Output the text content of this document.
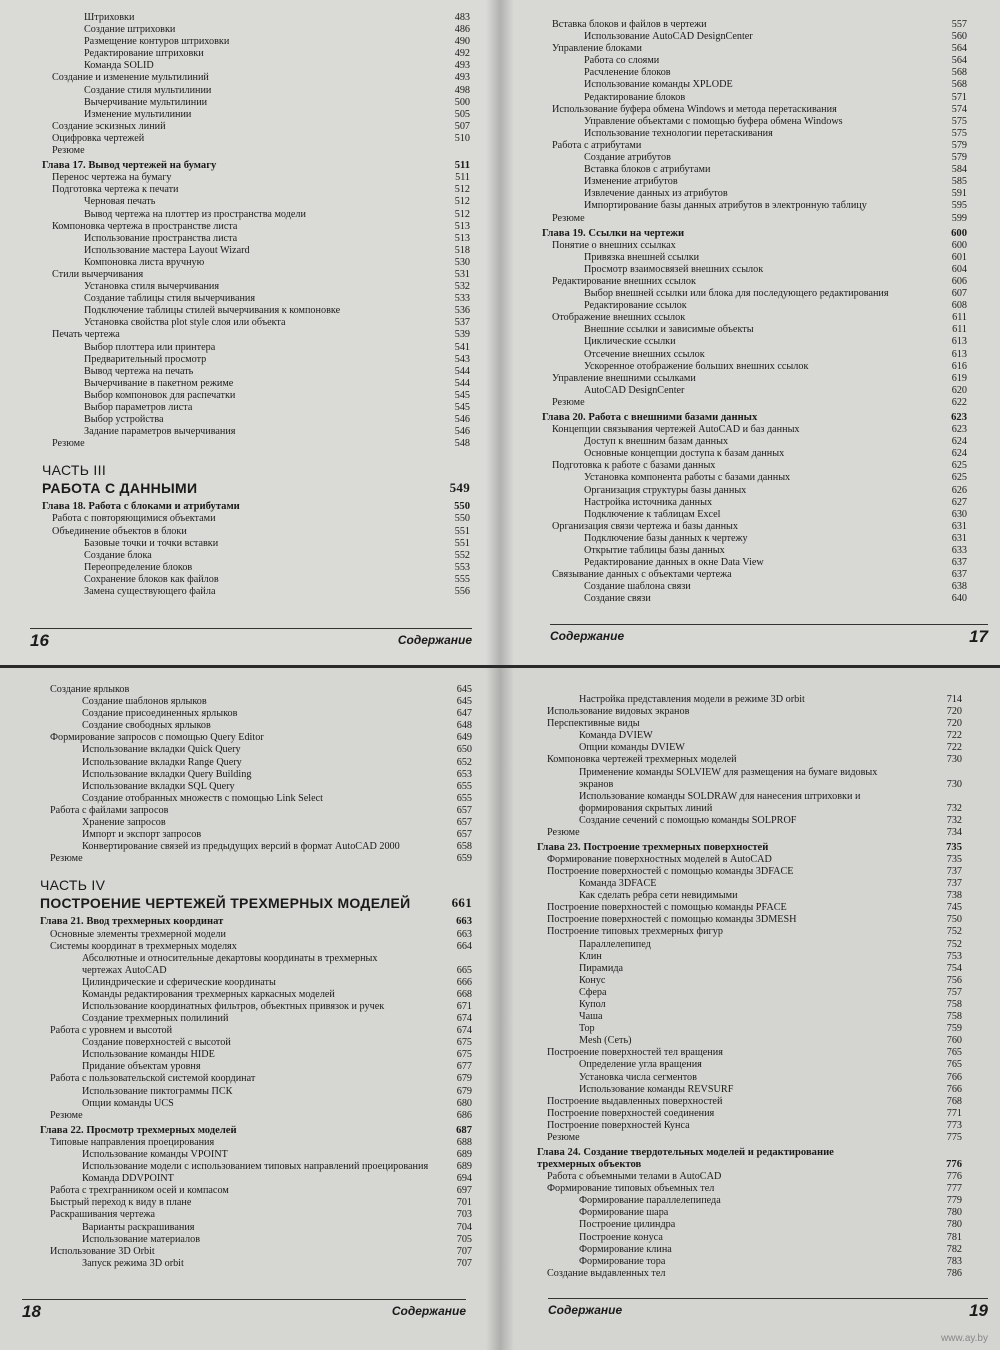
Штриховки	483
Создание штриховки	486
Размещение контуров штриховки	490
Редактирование штриховки	492
Команда SOLID	493
Создание и изменение мультилиний	493
Создание стиля мультилинии	498
Вычерчивание мультилинии	500
Изменение мультилинии	505
Создание эскизных линий	507
Оцифровка чертежей	510
Резюме
Глава 17. Вывод чертежей на бумагу	511
Перенос чертежа на бумагу	511
Подготовка чертежа к печати	512
Черновая печать	512
Вывод чертежа на плоттер из пространства модели	512
Компоновка чертежа в пространстве листа	513
Использование пространства листа	513
Использование мастера Layout Wizard	518
Компоновка листа вручную	530
Стили вычерчивания	531
Установка стиля вычерчивания	532
Создание таблицы стиля вычерчивания	533
Подключение таблицы стилей вычерчивания к компоновке	536
Установка свойства plot style слоя или объекта	537
Печать чертежа	539
Выбор плоттера или принтера	541
Предварительный просмотр	543
Вывод чертежа на печать	544
Вычерчивание в пакетном режиме	544
Выбор компоновок для распечатки	545
Выбор параметров листа	545
Выбор устройства	546
Задание параметров вычерчивания	546
Резюме	548
ЧАСТЬ III
РАБОТА С ДАННЫМИ	549
Глава 18. Работа с блоками и атрибутами	550
Работа с повторяющимися объектами	550
Объединение объектов в блоки	551
Базовые точки и точки вставки	551
Создание блока	552
Переопределение блоков	553
Сохранение блоков как файлов	555
Замена существующего файла	556
16	Содержание
Вставка блоков и файлов в чертежи	557
Использование AutoCAD DesignCenter	560
Управление блоками	564
Работа со слоями	564
Расчленение блоков	568
Использование команды XPLODE	568
Редактирование блоков	571
Использование буфера обмена Windows и метода перетаскивания	574
Управление объектами с помощью буфера обмена Windows	575
Использование технологии перетаскивания	575
Работа с атрибутами	579
Создание атрибутов	579
Вставка блоков с атрибутами	584
Изменение атрибутов	585
Извлечение данных из атрибутов	591
Импортирование базы данных атрибутов в электронную таблицу	595
Резюме	599
Глава 19. Ссылки на чертежи	600
Понятие о внешних ссылках	600
Привязка внешней ссылки	601
Просмотр взаимосвязей внешних ссылок	604
Редактирование внешних ссылок	606
Выбор внешней ссылки или блока для последующего редактирования	607
Редактирование ссылок	608
Отображение внешних ссылок	611
Внешние ссылки и зависимые объекты	611
Циклические ссылки	613
Отсечение внешних ссылок	613
Ускоренное отображение больших внешних ссылок	616
Управление внешними ссылками	619
AutoCAD DesignCenter	620
Резюме	622
Глава 20. Работа с внешними базами данных	623
Концепции связывания чертежей AutoCAD и баз данных	623
Доступ к внешним базам данных	624
Основные концепции доступа к базам данных	624
Подготовка к работе с базами данных	625
Установка компонента работы с базами данных	625
Организация структуры базы данных	626
Настройка источника данных	627
Подключение к таблицам Excel	630
Организация связи чертежа и базы данных	631
Подключение базы данных к чертежу	631
Открытие таблицы базы данных	633
Редактирование данных в окне Data View	637
Связывание данных с объектами чертежа	637
Создание шаблона связи	638
Создание связи	640
Содержание	17
Создание ярлыков	645
Создание шаблонов ярлыков	645
Создание присоединенных ярлыков	647
Создание свободных ярлыков	648
Формирование запросов с помощью Query Editor	649
Использование вкладки Quick Query	650
Использование вкладки Range Query	652
Использование вкладки Query Building	653
Использование вкладки SQL Query	655
Создание отобранных множеств с помощью Link Select	655
Работа с файлами запросов	657
Хранение запросов	657
Импорт и экспорт запросов	657
Конвертирование связей из предыдущих версий в формат AutoCAD 2000	658
Резюме	659
ЧАСТЬ IV
ПОСТРОЕНИЕ ЧЕРТЕЖЕЙ ТРЕХМЕРНЫХ МОДЕЛЕЙ	661
Глава 21. Ввод трехмерных координат	663
Основные элементы трехмерной модели	663
Системы координат в трехмерных моделях	664
Абсолютные и относительные декартовы координаты в трехмерных чертежах AutoCAD	665
Цилиндрические и сферические координаты	666
Команды редактирования трехмерных каркасных моделей	668
Использование координатных фильтров, объектных привязок и ручек	671
Создание трехмерных полилиний	674
Работа с уровнем и высотой	674
Создание поверхностей с высотой	675
Использование команды HIDE	675
Придание объектам уровня	677
Работа с пользовательской системой координат	679
Использование пиктограммы ПСК	679
Опции команды UCS	680
Резюме	686
Глава 22. Просмотр трехмерных моделей	687
Типовые направления проецирования	688
Использование команды VPOINT	689
Использование модели с использованием типовых направлений проецирования	689
Команда DDVPOINT	694
Работа с трехгранником осей и компасом	697
Быстрый переход к виду в плане	701
Раскрашивания чертежа	703
Варианты раскрашивания	704
Использование материалов	705
Использование 3D Orbit	707
Запуск режима 3D orbit	707
18	Содержание
Настройка представления модели в режиме 3D orbit	714
Использование видовых экранов	720
Перспективные виды	720
Команда DVIEW	722
Опции команды DVIEW	722
Компоновка чертежей трехмерных моделей	730
Применение команды SOLVIEW для размещения на бумаге видовых экранов	730
Использование команды SOLDRAW для нанесения штриховки и формирования скрытых линий	732
Создание сечений с помощью команды SOLPROF	732
Резюме	734
Глава 23. Построение трехмерных поверхностей	735
Формирование поверхностных моделей в AutoCAD	735
Построение поверхностей с помощью команды 3DFACE	737
Команда 3DFACE	737
Как сделать ребра сети невидимыми	738
Построение поверхностей с помощью команды PFACE	745
Построение поверхностей с помощью команды 3DMESH	750
Построение типовых трехмерных фигур	752
Параллелепипед	752
Клин	753
Пирамида	754
Конус	756
Сфера	757
Купол	758
Чаша	758
Тор	759
Mesh (Сеть)	760
Построение поверхностей тел вращения	765
Определение угла вращения	765
Установка числа сегментов	766
Использование команды REVSURF	766
Построение выдавленных поверхностей	768
Построение поверхностей соединения	771
Построение поверхностей Кунса	773
Резюме	775
Глава 24. Создание твердотельных моделей и редактирование трехмерных объектов	776
Работа с объемными телами в AutoCAD	776
Формирование типовых объемных тел	777
Формирование параллелепипеда	779
Формирование шара	780
Построение цилиндра	780
Построение конуса	781
Формирование клина	782
Формирование тора	783
Создание выдавленных тел	786
Содержание	19
www.ay.by
